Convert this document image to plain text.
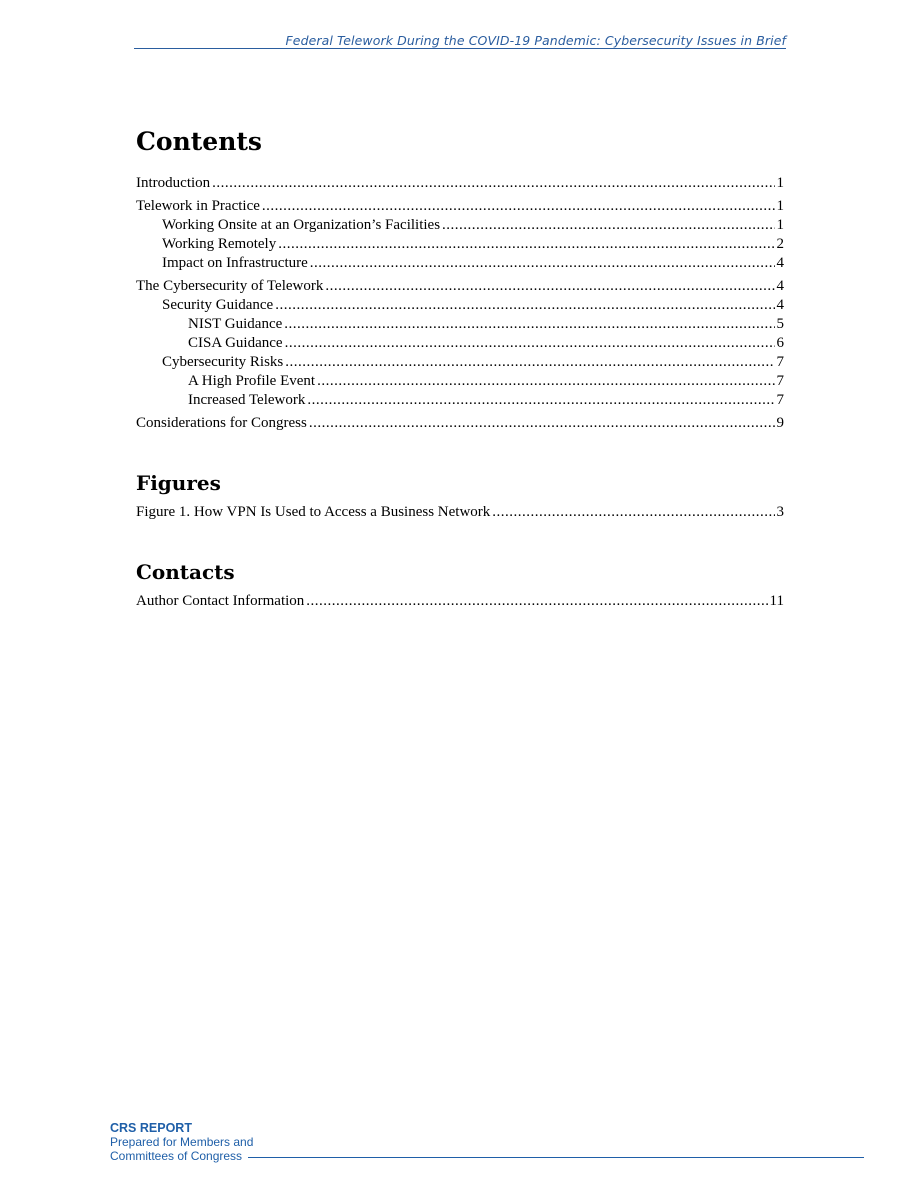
Federal Telework During the COVID-19 Pandemic: Cybersecurity Issues in Brief
Contents
Introduction .....	1
Telework in Practice .....	1
Working Onsite at an Organization’s Facilities .....	1
Working Remotely .....	2
Impact on Infrastructure .....	4
The Cybersecurity of Telework .....	4
Security Guidance .....	4
NIST Guidance .....	5
CISA Guidance .....	6
Cybersecurity Risks .....	7
A High Profile Event .....	7
Increased Telework .....	7
Considerations for Congress .....	9
Figures
Figure 1. How VPN Is Used to Access a Business Network .....	3
Contacts
Author Contact Information .....	11
CRS REPORT
Prepared for Members and
Committees of Congress
